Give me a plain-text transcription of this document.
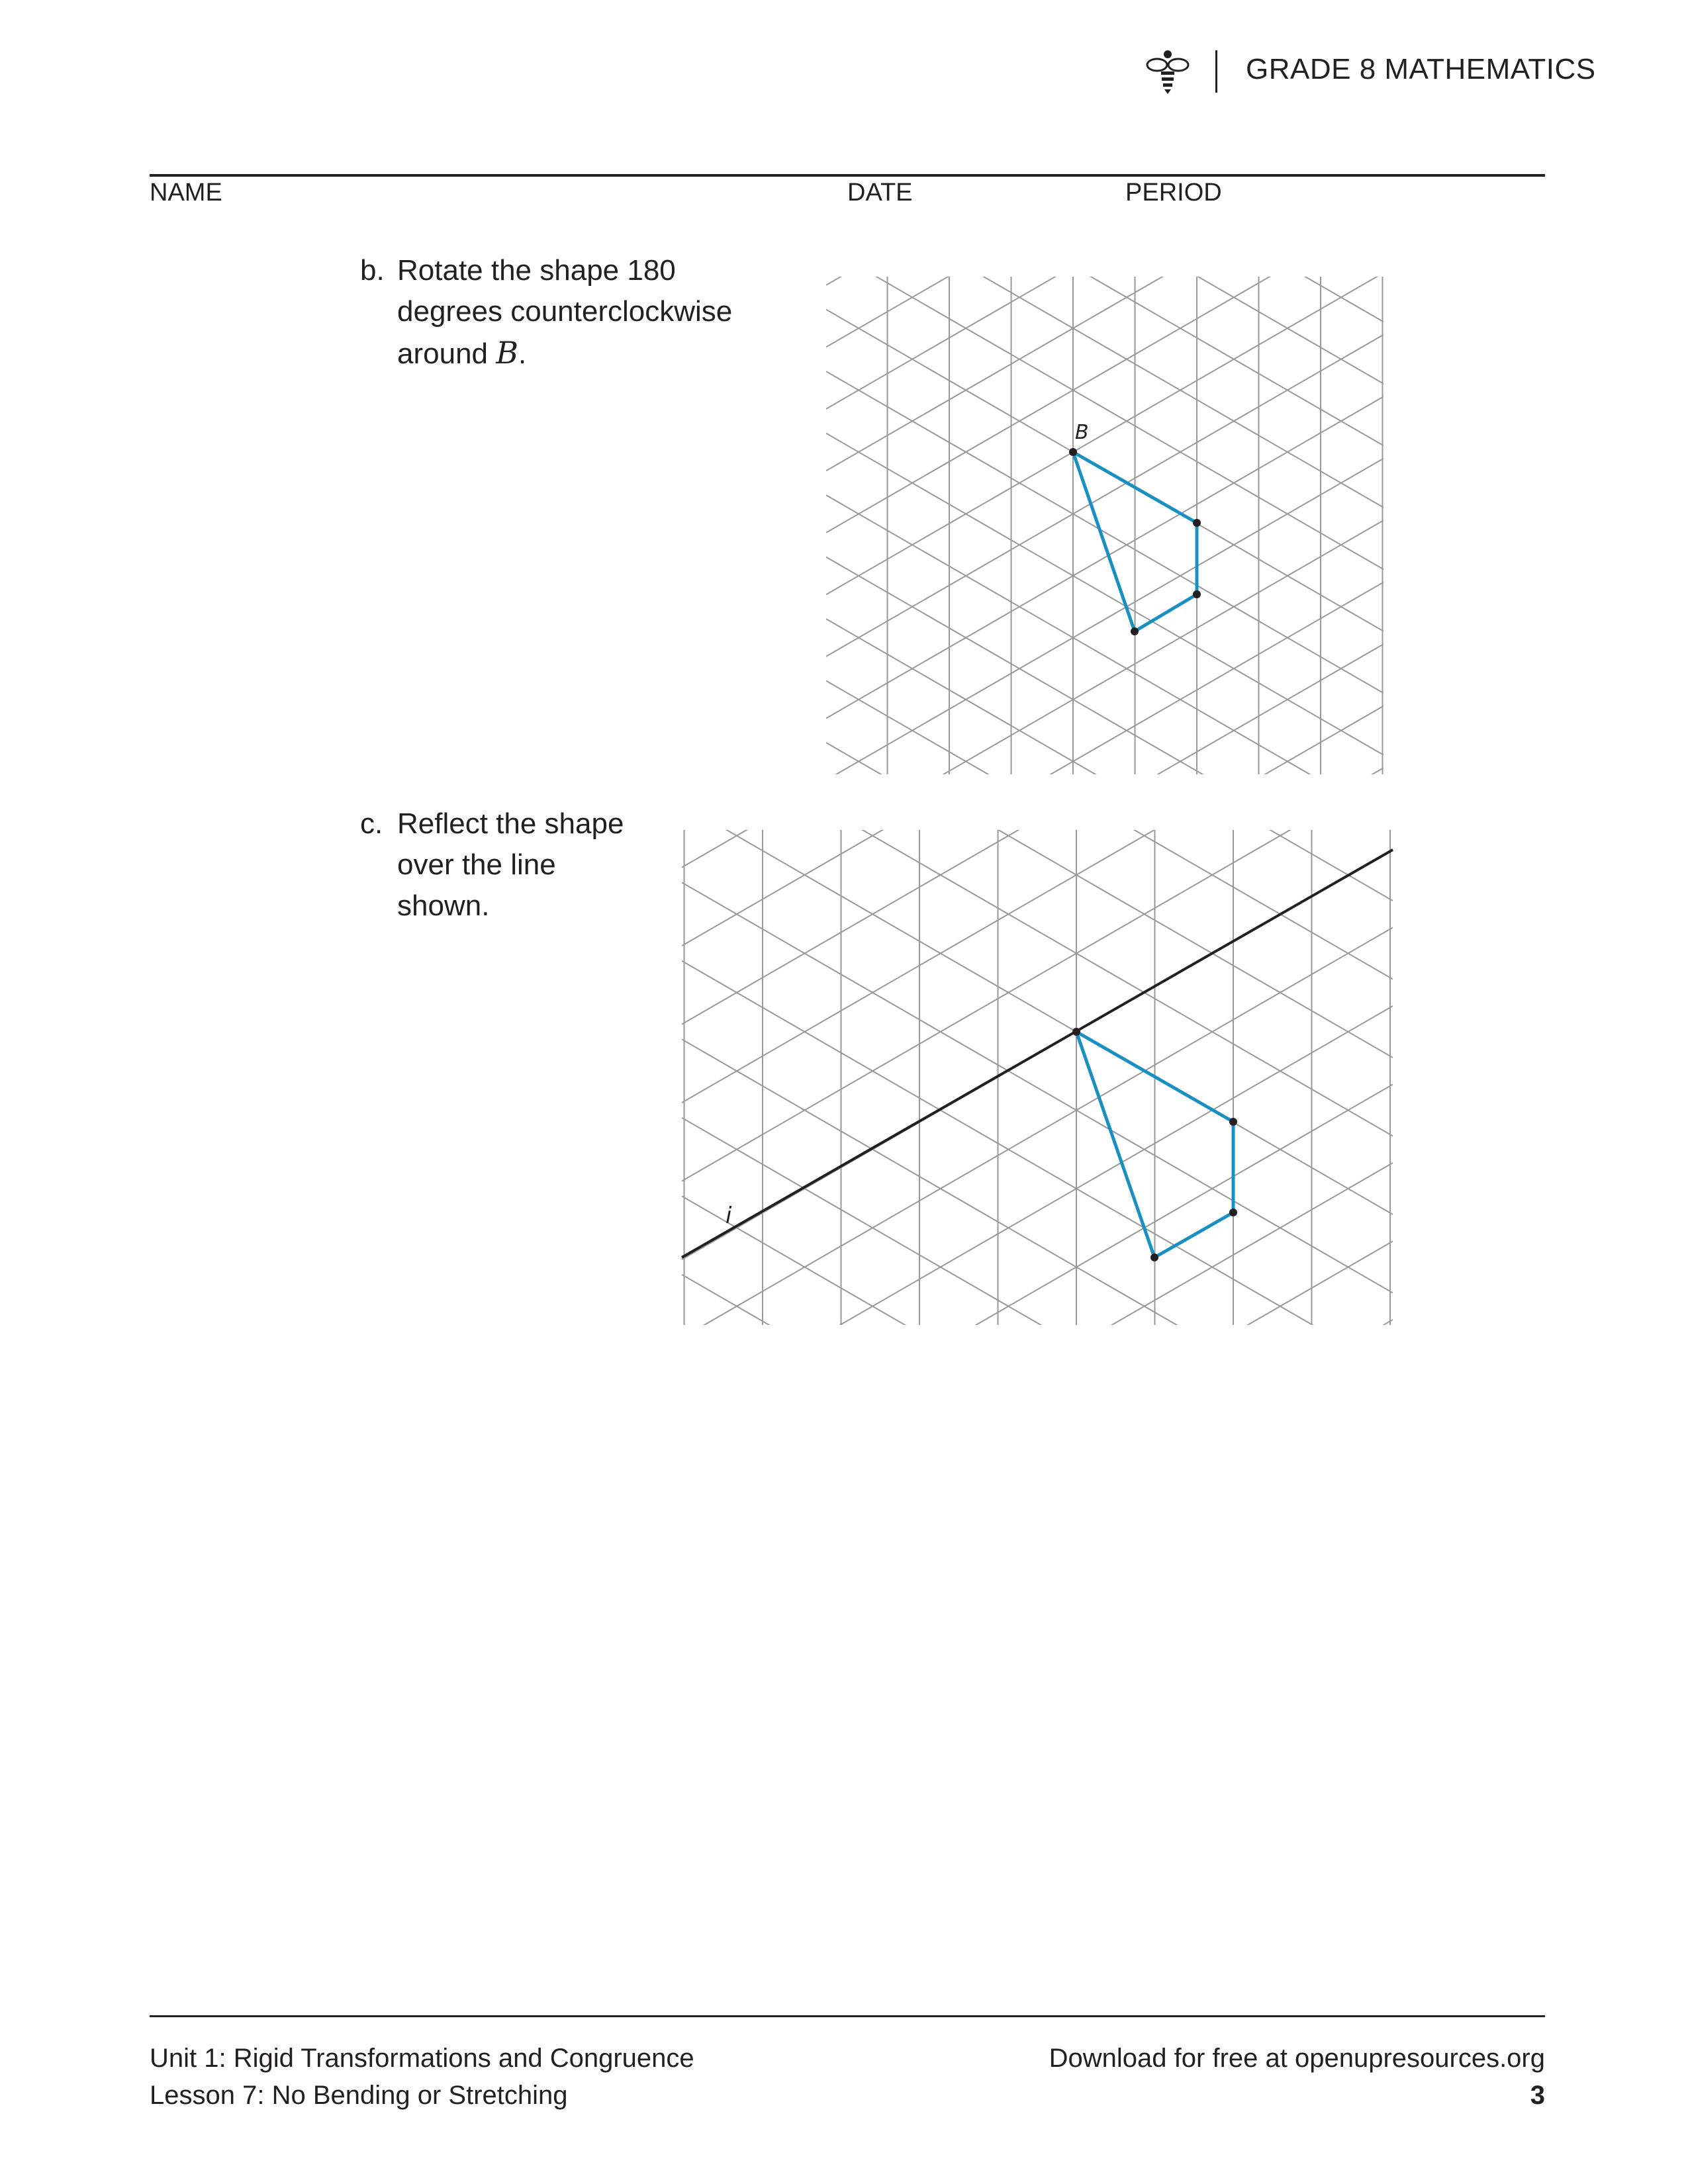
GRADE 8 MATHEMATICS
NAME	DATE	PERIOD
b. Rotate the shape 180
degrees counterclockwise
around B.
B
c. Reflect the shape
over the line
shown.
i
Unit 1: Rigid Transformations and Congruence
Lesson 7: No Bending or Stretching
Download for free at openupresources.org
3
